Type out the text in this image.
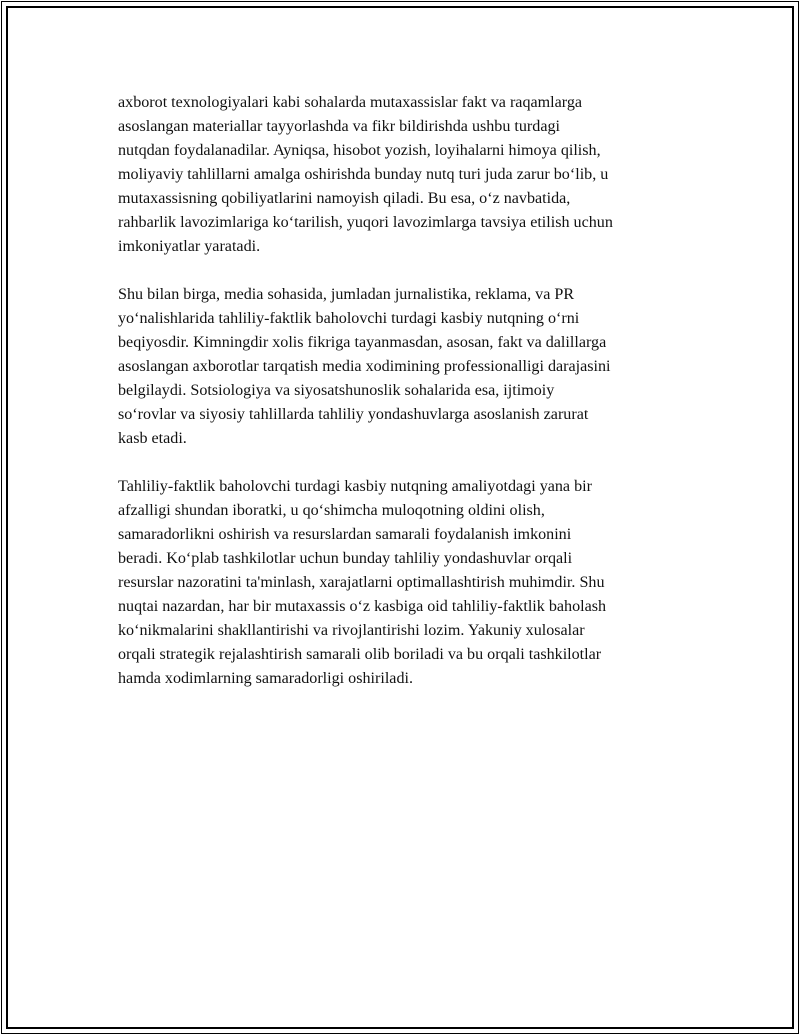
axborot texnologiyalari kabi sohalarda mutaxassislar fakt va raqamlarga
asoslangan materiallar tayyorlashda va fikr bildirishda ushbu turdagi
nutqdan foydalanadilar. Ayniqsa, hisobot yozish, loyihalarni himoya qilish,
moliyaviy tahlillarni amalga oshirishda bunday nutq turi juda zarur bo‘lib, u
mutaxassisning qobiliyatlarini namoyish qiladi. Bu esa, o‘z navbatida,
rahbarlik lavozimlariga ko‘tarilish, yuqori lavozimlarga tavsiya etilish uchun
imkoniyatlar yaratadi.

Shu bilan birga, media sohasida, jumladan jurnalistika, reklama, va PR
yo‘nalishlarida tahliliy-faktlik baholovchi turdagi kasbiy nutqning o‘rni
beqiyosdir. Kimningdir xolis fikriga tayanmasdan, asosan, fakt va dalillarga
asoslangan axborotlar tarqatish media xodimining professionalligi darajasini
belgilaydi. Sotsiologiya va siyosatshunoslik sohalarida esa, ijtimoiy
so‘rovlar va siyosiy tahlillarda tahliliy yondashuvlarga asoslanish zarurat
kasb etadi.

Tahliliy-faktlik baholovchi turdagi kasbiy nutqning amaliyotdagi yana bir
afzalligi shundan iboratki, u qo‘shimcha muloqotning oldini olish,
samaradorlikni oshirish va resurslardan samarali foydalanish imkonini
beradi. Ko‘plab tashkilotlar uchun bunday tahliliy yondashuvlar orqali
resurslar nazoratini ta'minlash, xarajatlarni optimallashtirish muhimdir. Shu
nuqtai nazardan, har bir mutaxassis o‘z kasbiga oid tahliliy-faktlik baholash
ko‘nikmalarini shakllantirishi va rivojlantirishi lozim. Yakuniy xulosalar
orqali strategik rejalashtirish samarali olib boriladi va bu orqali tashkilotlar
hamda xodimlarning samaradorligi oshiriladi.
